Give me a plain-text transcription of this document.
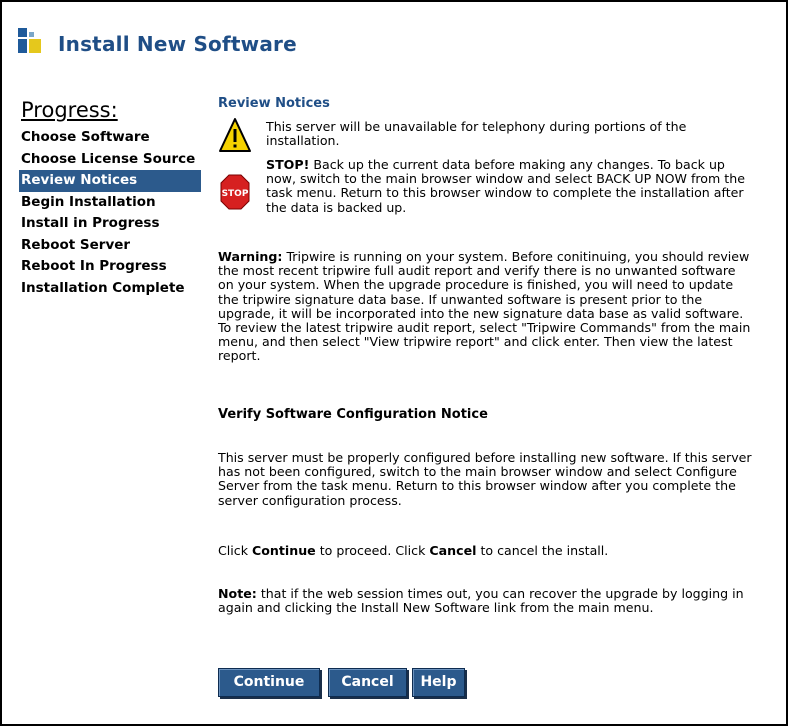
Install New Software
Progress:
Choose Software
Choose License Source
Review Notices
Begin Installation
Install in Progress
Reboot Server
Reboot In Progress
Installation Complete
Review Notices
This server will be unavailable for telephony during portions of the installation.
STOP
STOP! Back up the current data before making any changes. To back up now, switch to the main browser window and select BACK UP NOW from the task menu. Return to this browser window to complete the installation after the data is backed up.
Warning: Tripwire is running on your system. Before conitinuing, you should review the most recent tripwire full audit report and verify there is no unwanted software on your system. When the upgrade procedure is finished, you will need to update the tripwire signature data base. If unwanted software is present prior to the upgrade, it will be incorporated into the new signature data base as valid software. To review the latest tripwire audit report, select "Tripwire Commands" from the main menu, and then select "View tripwire report" and click enter. Then view the latest report.
Verify Software Configuration Notice
This server must be properly configured before installing new software. If this server has not been configured, switch to the main browser window and select Configure Server from the task menu. Return to this browser window after you complete the server configuration process.
Click Continue to proceed. Click Cancel to cancel the install.
Note: that if the web session times out, you can recover the upgrade by logging in again and clicking the Install New Software link from the main menu.
Continue	Cancel	Help
